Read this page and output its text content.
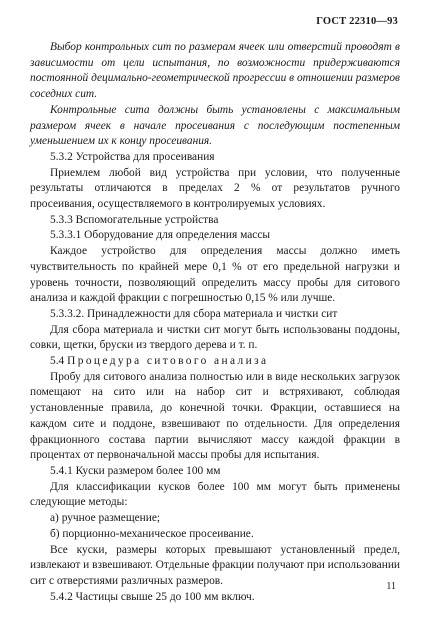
ГОСТ 22310—93

Выбор контрольных сит по размерам ячеек или отверстий проводят в зависимости от цели испытания, по возможности придерживаются постоянной децимально-геометрической прогрессии в отношении размеров соседних сит.

Контрольные сита должны быть установлены с максимальным размером ячеек в начале просеивания с последующим постепенным уменьшением их к концу просеивания.

5.3.2 Устройства для просеивания

Приемлем любой вид устройства при условии, что полученные результаты отличаются в пределах 2 % от результатов ручного просеивания, осуществляемого в контролируемых условиях.

5.3.3 Вспомогательные устройства

5.3.3.1 Оборудование для определения массы

Каждое устройство для определения массы должно иметь чувствительность по крайней мере 0,1 % от его предельной нагрузки и уровень точности, позволяющий определить массу пробы для ситового анализа и каждой фракции с погрешностью 0,15 % или лучше.

5.3.3.2. Принадлежности для сбора материала и чистки сит

Для сбора материала и чистки сит могут быть использованы поддоны, совки, щетки, бруски из твердого дерева и т. п.

5.4 Процедура ситового анализа

Пробу для ситового анализа полностью или в виде нескольких загрузок помещают на сито или на набор сит и встряхивают, соблюдая установленные правила, до конечной точки. Фракции, оставшиеся на каждом сите и поддоне, взвешивают по отдельности. Для определения фракционного состава партии вычисляют массу каждой фракции в процентах от первоначальной массы пробы для испытания.

5.4.1 Куски размером более 100 мм

Для классификации кусков более 100 мм могут быть применены следующие методы:

а) ручное размещение;

б) порционно-механическое просеивание.

Все куски, размеры которых превышают установленный предел, извлекают и взвешивают. Отдельные фракции получают при использовании сит с отверстиями различных размеров.

5.4.2 Частицы свыше 25 до 100 мм включ.

11
